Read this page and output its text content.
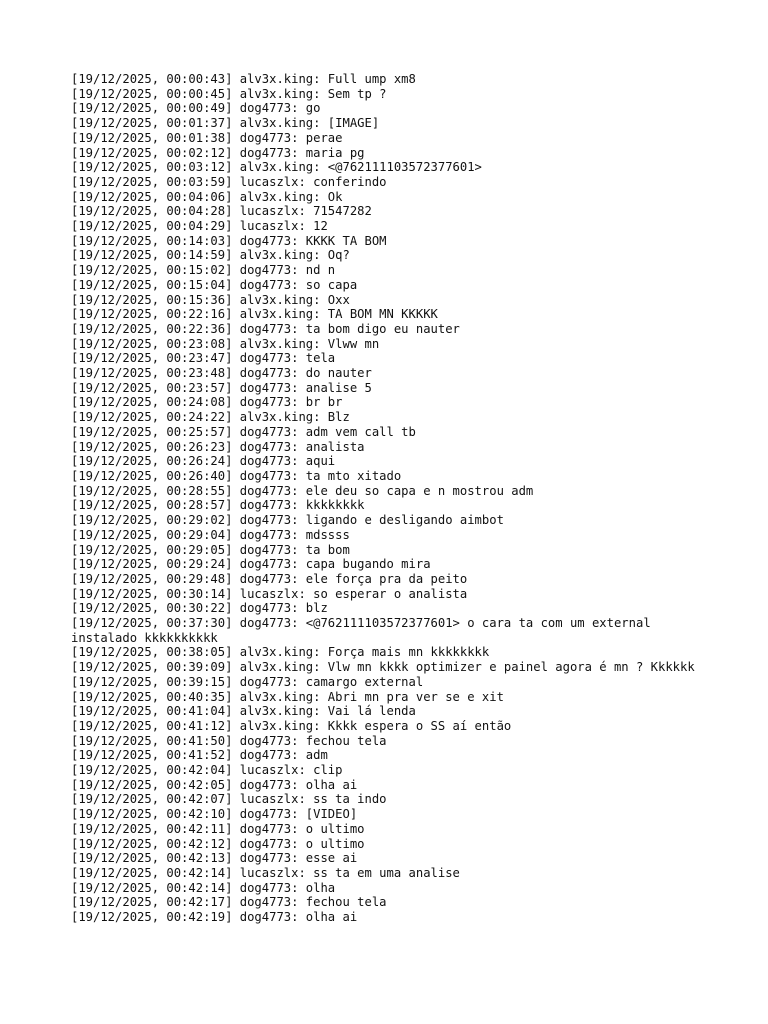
[19/12/2025, 00:00:43] alv3x.king: Full ump xm8
[19/12/2025, 00:00:45] alv3x.king: Sem tp ?
[19/12/2025, 00:00:49] dog4773: go
[19/12/2025, 00:01:37] alv3x.king: [IMAGE]
[19/12/2025, 00:01:38] dog4773: perae
[19/12/2025, 00:02:12] dog4773: maria pg
[19/12/2025, 00:03:12] alv3x.king: <@762111103572377601>
[19/12/2025, 00:03:59] lucaszlx: conferindo
[19/12/2025, 00:04:06] alv3x.king: Ok
[19/12/2025, 00:04:28] lucaszlx: 71547282
[19/12/2025, 00:04:29] lucaszlx: 12
[19/12/2025, 00:14:03] dog4773: KKKK TA BOM
[19/12/2025, 00:14:59] alv3x.king: Oq?
[19/12/2025, 00:15:02] dog4773: nd n
[19/12/2025, 00:15:04] dog4773: so capa
[19/12/2025, 00:15:36] alv3x.king: Oxx
[19/12/2025, 00:22:16] alv3x.king: TA BOM MN KKKKK
[19/12/2025, 00:22:36] dog4773: ta bom digo eu nauter
[19/12/2025, 00:23:08] alv3x.king: Vlww mn
[19/12/2025, 00:23:47] dog4773: tela
[19/12/2025, 00:23:48] dog4773: do nauter
[19/12/2025, 00:23:57] dog4773: analise 5
[19/12/2025, 00:24:08] dog4773: br br
[19/12/2025, 00:24:22] alv3x.king: Blz
[19/12/2025, 00:25:57] dog4773: adm vem call tb
[19/12/2025, 00:26:23] dog4773: analista
[19/12/2025, 00:26:24] dog4773: aqui
[19/12/2025, 00:26:40] dog4773: ta mto xitado
[19/12/2025, 00:28:55] dog4773: ele deu so capa e n mostrou adm
[19/12/2025, 00:28:57] dog4773: kkkkkkkk
[19/12/2025, 00:29:02] dog4773: ligando e desligando aimbot
[19/12/2025, 00:29:04] dog4773: mdssss
[19/12/2025, 00:29:05] dog4773: ta bom
[19/12/2025, 00:29:24] dog4773: capa bugando mira
[19/12/2025, 00:29:48] dog4773: ele força pra da peito
[19/12/2025, 00:30:14] lucaszlx: so esperar o analista
[19/12/2025, 00:30:22] dog4773: blz
[19/12/2025, 00:37:30] dog4773: <@762111103572377601> o cara ta com um external instalado kkkkkkkkkk
[19/12/2025, 00:38:05] alv3x.king: Força mais mn kkkkkkkk
[19/12/2025, 00:39:09] alv3x.king: Vlw mn kkkk optimizer e painel agora é mn ? Kkkkkk
[19/12/2025, 00:39:15] dog4773: camargo external
[19/12/2025, 00:40:35] alv3x.king: Abri mn pra ver se e xit
[19/12/2025, 00:41:04] alv3x.king: Vai lá lenda
[19/12/2025, 00:41:12] alv3x.king: Kkkk espera o SS aí então
[19/12/2025, 00:41:50] dog4773: fechou tela
[19/12/2025, 00:41:52] dog4773: adm
[19/12/2025, 00:42:04] lucaszlx: clip
[19/12/2025, 00:42:05] dog4773: olha ai
[19/12/2025, 00:42:07] lucaszlx: ss ta indo
[19/12/2025, 00:42:10] dog4773: [VIDEO]
[19/12/2025, 00:42:11] dog4773: o ultimo
[19/12/2025, 00:42:12] dog4773: o ultimo
[19/12/2025, 00:42:13] dog4773: esse ai
[19/12/2025, 00:42:14] lucaszlx: ss ta em uma analise
[19/12/2025, 00:42:14] dog4773: olha
[19/12/2025, 00:42:17] dog4773: fechou tela
[19/12/2025, 00:42:19] dog4773: olha ai
